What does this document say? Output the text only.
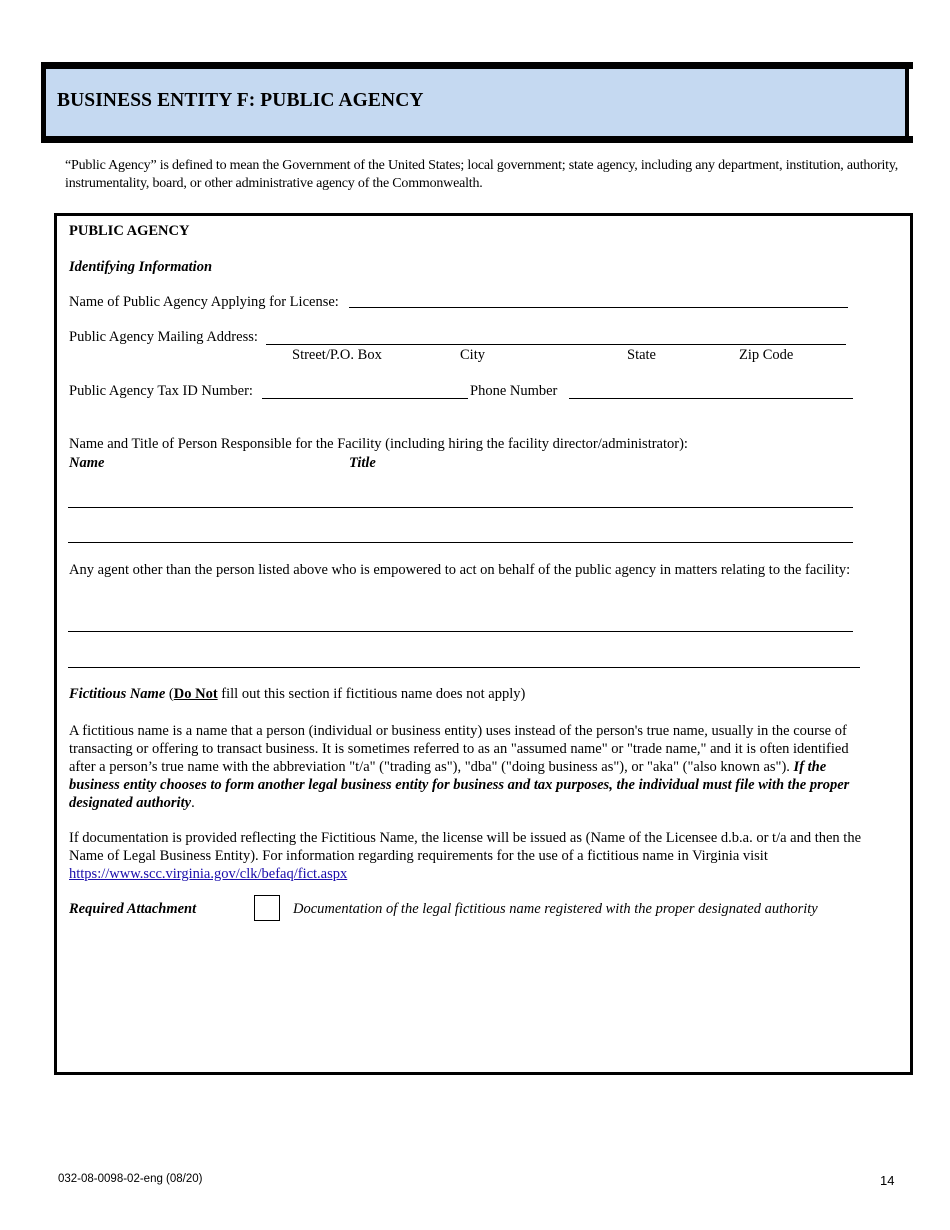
BUSINESS ENTITY F: PUBLIC AGENCY
“Public Agency” is defined to mean the Government of the United States; local government; state agency, including any department, institution, authority, instrumentality, board, or other administrative agency of the Commonwealth.
PUBLIC AGENCY
Identifying Information
Name of Public Agency Applying for License:
Public Agency Mailing Address:
Street/P.O. Box	City	State	Zip Code
Public Agency Tax ID Number:	Phone Number
Name and Title of Person Responsible for the Facility (including hiring the facility director/administrator):
Name	Title
Any agent other than the person listed above who is empowered to act on behalf of the public agency in matters relating to the facility:
Fictitious Name (Do Not fill out this section if fictitious name does not apply)
A fictitious name is a name that a person (individual or business entity) uses instead of the person's true name, usually in the course of transacting or offering to transact business. It is sometimes referred to as an "assumed name" or "trade name," and it is often identified after a person’s true name with the abbreviation "t/a" ("trading as"), "dba" ("doing business as"), or "aka" ("also known as"). If the business entity chooses to form another legal business entity for business and tax purposes, the individual must file with the proper designated authority.
If documentation is provided reflecting the Fictitious Name, the license will be issued as (Name of the Licensee d.b.a. or t/a and then the Name of Legal Business Entity). For information regarding requirements for the use of a fictitious name in Virginia visit https://www.scc.virginia.gov/clk/befaq/fict.aspx
Required Attachment	Documentation of the legal fictitious name registered with the proper designated authority
032-08-0098-02-eng (08/20)	14
